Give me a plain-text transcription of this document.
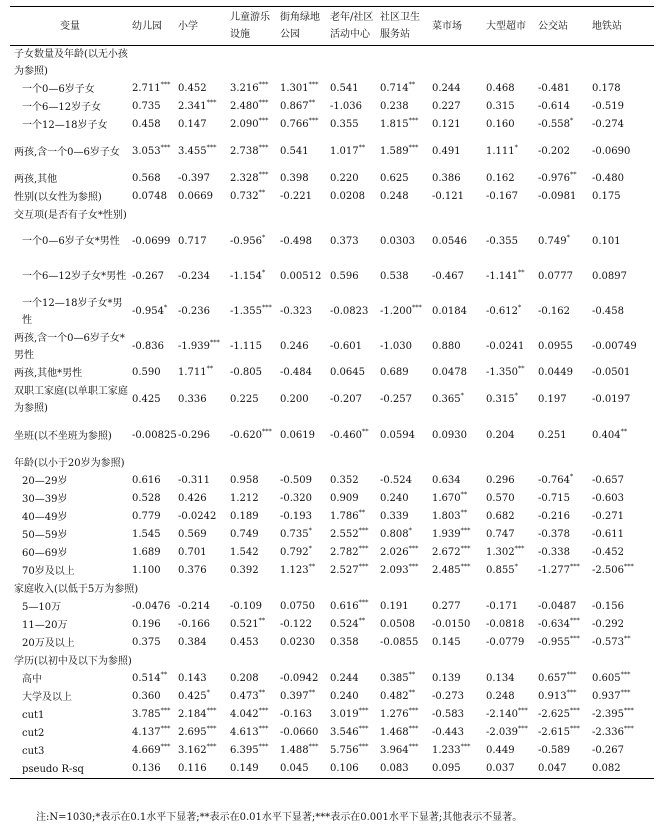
变量	幼儿园	小学	儿童游乐设施	街角绿地公园	老年/社区活动中心	社区卫生服务站	菜市场	大型超市	公交站	地铁站
子女数量及年龄(以无小孩为参照)										
一个0—6岁子女	2.711***	0.452	3.216***	1.301***	0.541	0.714**	0.244	0.468	-0.481	0.178
一个6—12岁子女	0.735	2.341***	2.480***	0.867**	-1.036	0.238	0.227	0.315	-0.614	-0.519
一个12—18岁子女	0.458	0.147	2.090***	0.766***	0.355	1.815***	0.121	0.160	-0.558*	-0.274
两孩,含一个0—6岁子女	3.053***	3.455***	2.738***	0.541	1.017**	1.589***	0.491	1.111*	-0.202	-0.0690
两孩,其他	0.568	-0.397	2.328***	0.398	0.220	0.625	0.386	0.162	-0.976**	-0.480
性别(以女性为参照)	0.0748	0.0669	0.732**	-0.221	0.0208	0.248	-0.121	-0.167	-0.0981	0.175
交互项(是否有子女*性别)										
一个0—6岁子女*男性	-0.0699	0.717	-0.956*	-0.498	0.373	0.0303	0.0546	-0.355	0.749*	0.101
一个6—12岁子女*男性	-0.267	-0.234	-1.154*	0.00512	0.596	0.538	-0.467	-1.141**	0.0777	0.0897
一个12—18岁子女*男性	-0.954*	-0.236	-1.355***	-0.323	-0.0823	-1.200***	0.0184	-0.612*	-0.162	-0.458
两孩,含一个0—6岁子女*男性	-0.836	-1.939***	-1.115	0.246	-0.601	-1.030	0.880	-0.0241	0.0955	-0.00749
两孩,其他*男性	0.590	1.711**	-0.805	-0.484	0.0645	0.689	0.0478	-1.350**	0.0449	-0.0501
双职工家庭(以单职工家庭为参照)	0.425	0.336	0.225	0.200	-0.207	-0.257	0.365*	0.315*	0.197	-0.0197
坐班(以不坐班为参照)	-0.00825	-0.296	-0.620***	0.0619	-0.460**	0.0594	0.0930	0.204	0.251	0.404**
年龄(以小于20岁为参照)										
20—29岁	0.616	-0.311	0.958	-0.509	0.352	-0.524	0.634	0.296	-0.764*	-0.657
30—39岁	0.528	0.426	1.212	-0.320	0.909	0.240	1.670**	0.570	-0.715	-0.603
40—49岁	0.779	-0.0242	0.189	-0.193	1.786**	0.339	1.803**	0.682	-0.216	-0.271
50—59岁	1.545	0.569	0.749	0.735*	2.552***	0.808*	1.939***	0.747	-0.378	-0.611
60—69岁	1.689	0.701	1.542	0.792*	2.782***	2.026***	2.672***	1.302***	-0.338	-0.452
70岁及以上	1.100	0.376	0.392	1.123**	2.527***	2.093***	2.485***	0.855*	-1.277***	-2.506***
家庭收入(以低于5万为参照)										
5—10万	-0.0476	-0.214	-0.109	0.0750	0.616***	0.191	0.277	-0.171	-0.0487	-0.156
11—20万	0.196	-0.166	0.521**	-0.122	0.524**	0.0508	-0.0150	-0.0818	-0.634***	-0.292
20万及以上	0.375	0.384	0.453	0.0230	0.358	-0.0855	0.145	-0.0779	-0.955***	-0.573**
学历(以初中及以下为参照)										
高中	0.514**	0.143	0.208	-0.0942	0.244	0.385**	0.139	0.134	0.657***	0.605***
大学及以上	0.360	0.425*	0.473**	0.397**	0.240	0.482**	-0.273	0.248	0.913***	0.937***
cut1	3.785***	2.184***	4.042***	-0.163	3.019***	1.276***	-0.583	-2.140***	-2.625***	-2.395***
cut2	4.137***	2.695***	4.613***	-0.0660	3.546***	1.468***	-0.443	-2.039***	-2.615***	-2.336***
cut3	4.669***	3.162***	6.395***	1.488***	5.756***	3.964***	1.233***	0.449	-0.589	-0.267
pseudo R-sq	0.136	0.116	0.149	0.045	0.106	0.083	0.095	0.037	0.047	0.082
注:N=1030;*表示在0.1水平下显著;**表示在0.01水平下显著;***表示在0.001水平下显著;其他表示不显著。
